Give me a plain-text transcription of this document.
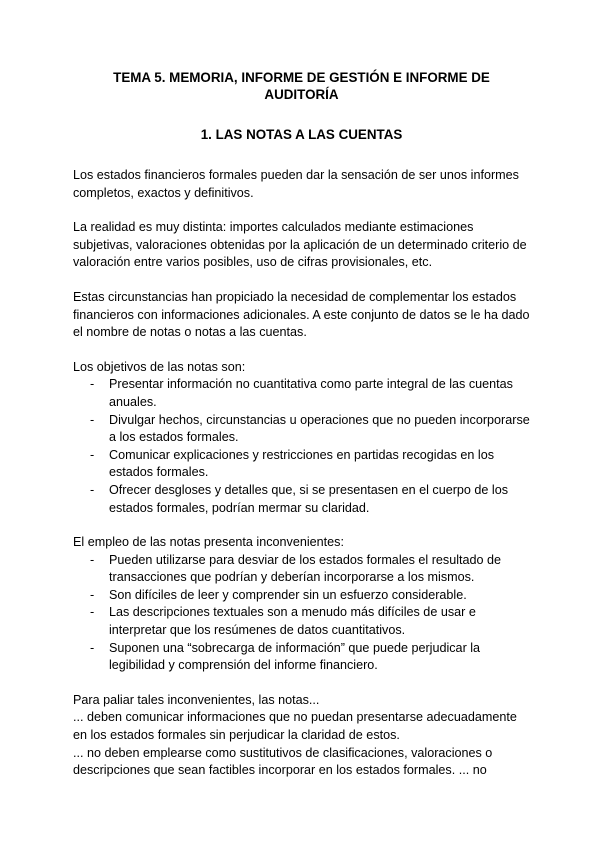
TEMA 5. MEMORIA, INFORME DE GESTIÓN E INFORME DE AUDITORÍA
1. LAS NOTAS A LAS CUENTAS

Los estados financieros formales pueden dar la sensación de ser unos informes completos, exactos y definitivos.

La realidad es muy distinta: importes calculados mediante estimaciones subjetivas, valoraciones obtenidas por la aplicación de un determinado criterio de valoración entre varios posibles, uso de cifras provisionales, etc.

Estas circunstancias han propiciado la necesidad de complementar los estados financieros con informaciones adicionales. A este conjunto de datos se le ha dado el nombre de notas o notas a las cuentas.

Los objetivos de las notas son:

- Presentar información no cuantitativa como parte integral de las cuentas anuales.
- Divulgar hechos, circunstancias u operaciones que no pueden incorporarse a los estados formales.
- Comunicar explicaciones y restricciones en partidas recogidas en los estados formales.
- Ofrecer desgloses y detalles que, si se presentasen en el cuerpo de los estados formales, podrían mermar su claridad.

El empleo de las notas presenta inconvenientes:

- Pueden utilizarse para desviar de los estados formales el resultado de transacciones que podrían y deberían incorporarse a los mismos.
- Son difíciles de leer y comprender sin un esfuerzo considerable.
- Las descripciones textuales son a menudo más difíciles de usar e interpretar que los resúmenes de datos cuantitativos.
- Suponen una “sobrecarga de información” que puede perjudicar la legibilidad y comprensión del informe financiero.

Para paliar tales inconvenientes, las notas...

... deben comunicar informaciones que no puedan presentarse adecuadamente en los estados formales sin perjudicar la claridad de estos.

... no deben emplearse como sustitutivos de clasificaciones, valoraciones o descripciones que sean factibles incorporar en los estados formales. ... no
